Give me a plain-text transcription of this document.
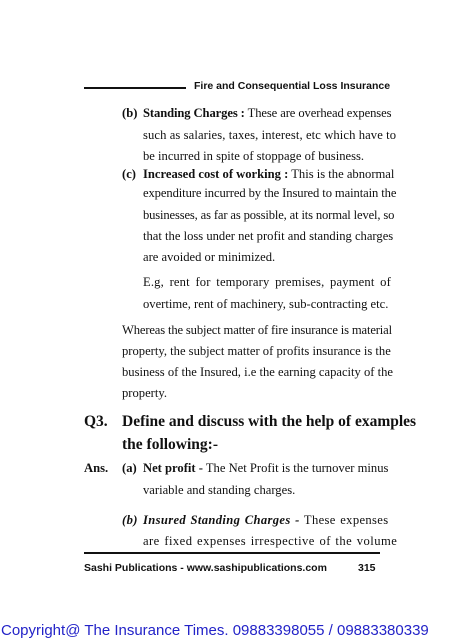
Fire and Consequential Loss Insurance
(b) Standing Charges : These are overhead expenses
such as salaries, taxes, interest, etc which have to
be incurred in spite of stoppage of business.
(c) Increased cost of working : This is the abnormal
expenditure incurred by the Insured to maintain the
businesses, as far as possible, at its normal level, so
that the loss under net profit and standing charges
are avoided or minimized.
E.g, rent for temporary premises, payment of
overtime, rent of machinery, sub-contracting etc.
Whereas the subject matter of fire insurance is material
property, the subject matter of profits insurance is the
business of the Insured, i.e the earning capacity of the
property.
Q3. Define and discuss with the help of examples
the following:-
Ans. (a) Net profit - The Net Profit is the turnover minus
variable and standing charges.
(b) Insured Standing Charges - These expenses
are fixed expenses irrespective of the volume
Sashi Publications - www.sashipublications.com	315
Copyright@ The Insurance Times. 09883398055 / 09883380339
